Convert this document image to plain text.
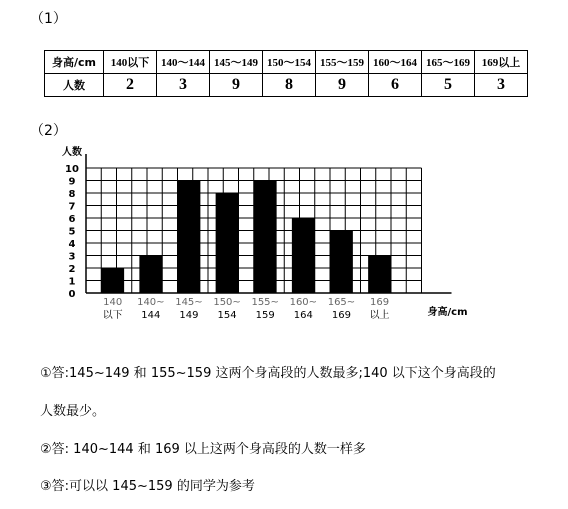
（1）
身高/cm	140以下	140～144	145～149	150～154	155～159	160～164	165～169	169以上
人数	2	3	9	8	9	6	5	3
（2）
0
1
2
3
4
5
6
7
8
9
10
人数
140
以下
140~
144
145~
149
150~
154
155~
159
160~
164
165~
169
169
以上	身高/cm
①答:145~149 和 155~159 这两个身高段的人数最多;140 以下这个身高段的
人数最少。
②答: 140~144 和 169 以上这两个身高段的人数一样多
③答:可以以 145~159 的同学为参考
